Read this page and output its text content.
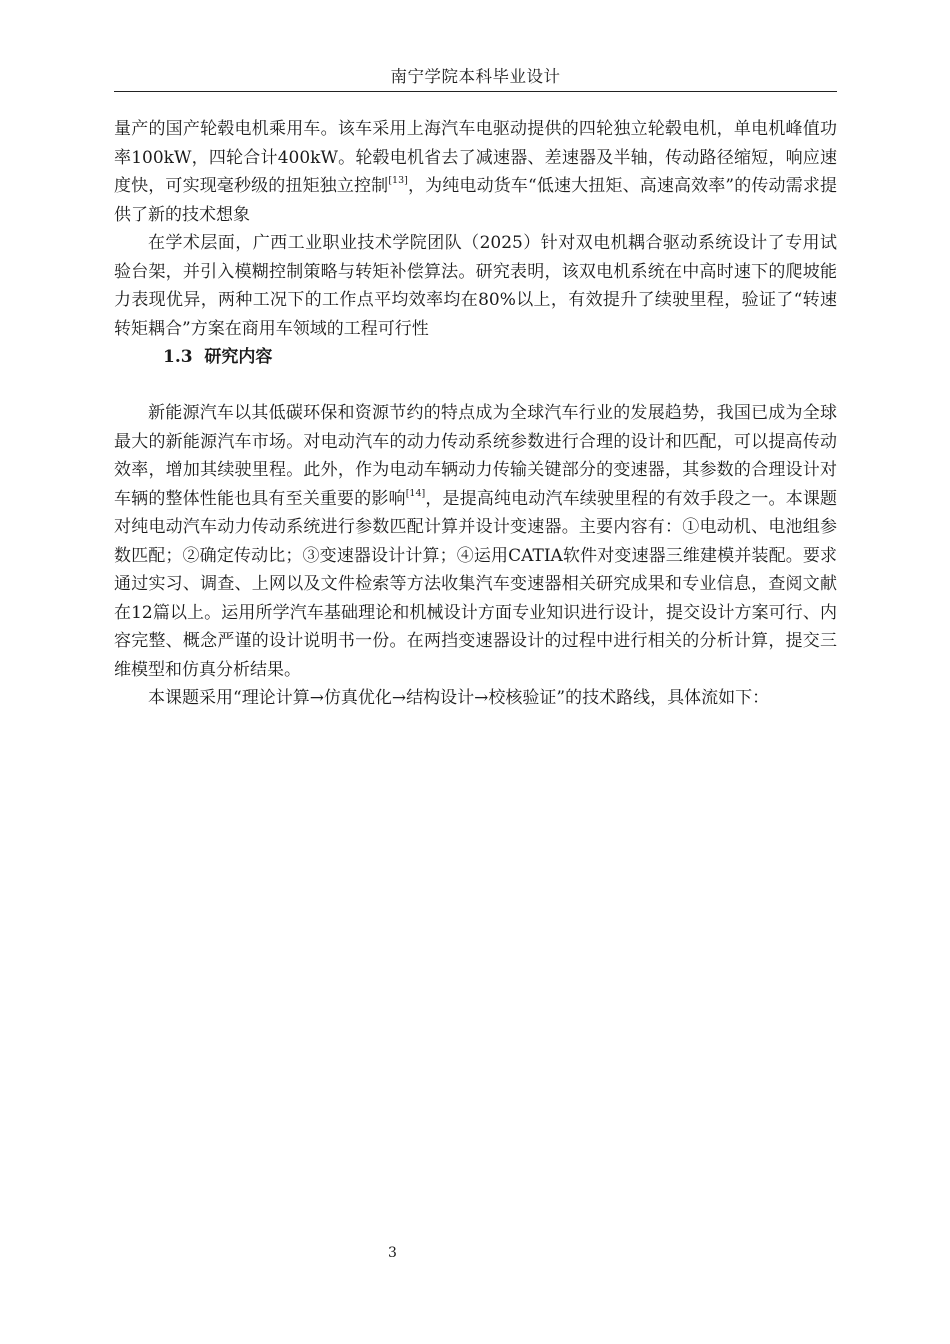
南宁学院本科毕业设计

量产的国产轮毂电机乘用车。该车采用上海汽车电驱动提供的四轮独立轮毂电机，单电机峰值功率100kW，四轮合计400kW。轮毂电机省去了减速器、差速器及半轴，传动路径缩短，响应速度快，可实现毫秒级的扭矩独立控制[13]，为纯电动货车“低速大扭矩、高速高效率”的传动需求提供了新的技术想象

在学术层面，广西工业职业技术学院团队（2025）针对双电机耦合驱动系统设计了专用试验台架，并引入模糊控制策略与转矩补偿算法。研究表明，该双电机系统在中高时速下的爬坡能力表现优异，两种工况下的工作点平均效率均在80%以上，有效提升了续驶里程，验证了“转速转矩耦合”方案在商用车领域的工程可行性

1.3 研究内容

新能源汽车以其低碳环保和资源节约的特点成为全球汽车行业的发展趋势，我国已成为全球最大的新能源汽车市场。对电动汽车的动力传动系统参数进行合理的设计和匹配，可以提高传动效率，增加其续驶里程。此外，作为电动车辆动力传输关键部分的变速器，其参数的合理设计对车辆的整体性能也具有至关重要的影响[14]，是提高纯电动汽车续驶里程的有效手段之一。本课题对纯电动汽车动力传动系统进行参数匹配计算并设计变速器。主要内容有：①电动机、电池组参数匹配；②确定传动比；③变速器设计计算；④运用CATIA软件对变速器三维建模并装配。要求通过实习、调查、上网以及文件检索等方法收集汽车变速器相关研究成果和专业信息，查阅文献在12篇以上。运用所学汽车基础理论和机械设计方面专业知识进行设计，提交设计方案可行、内容完整、概念严谨的设计说明书一份。在两挡变速器设计的过程中进行相关的分析计算，提交三维模型和仿真分析结果。

本课题采用“理论计算→仿真优化→结构设计→校核验证”的技术路线，具体流如下：

3
